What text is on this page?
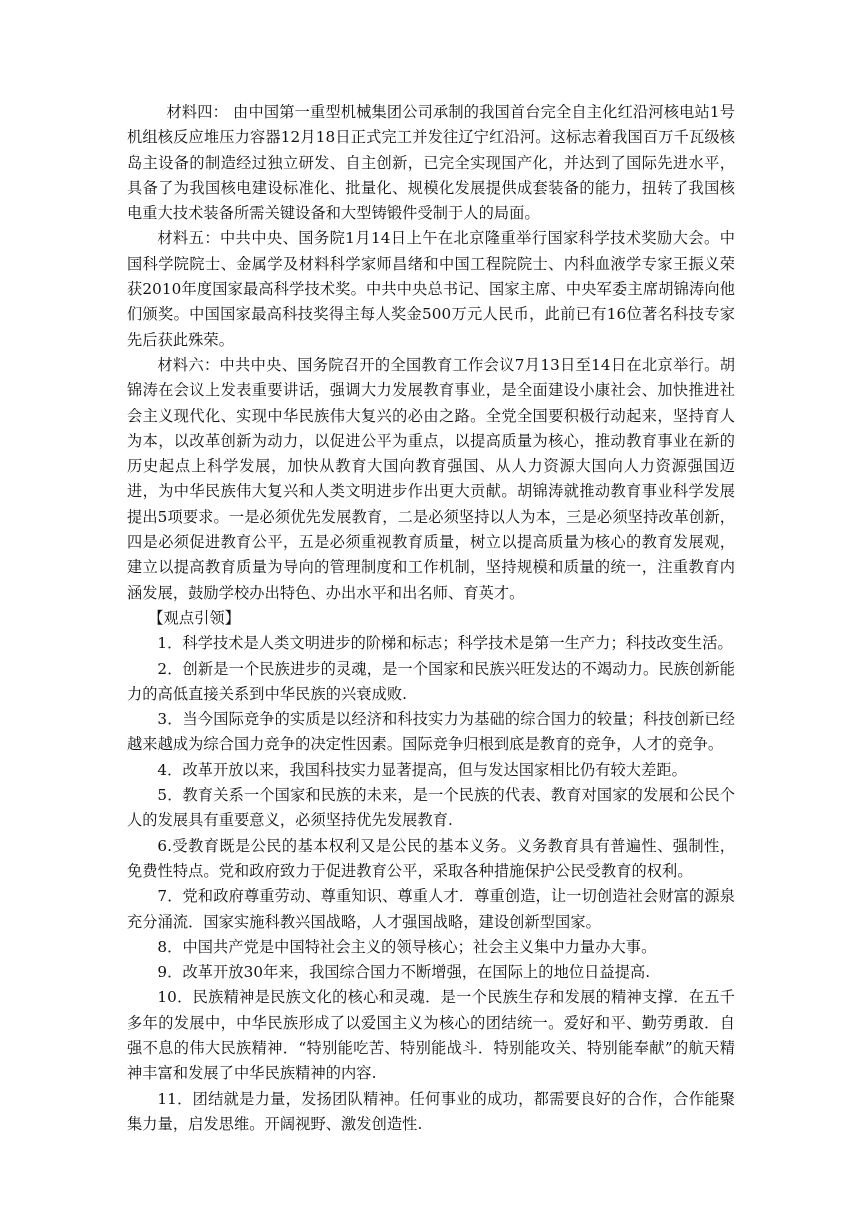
材料四： 由中国第一重型机械集团公司承制的我国首台完全自主化红沿河核电站1号机组核反应堆压力容器12月18日正式完工并发往辽宁红沿河。这标志着我国百万千瓦级核岛主设备的制造经过独立研发、自主创新，已完全实现国产化，并达到了国际先进水平，具备了为我国核电建设标准化、批量化、规模化发展提供成套装备的能力，扭转了我国核电重大技术装备所需关键设备和大型铸锻件受制于人的局面。

材料五：中共中央、国务院1月14日上午在北京隆重举行国家科学技术奖励大会。中国科学院院士、金属学及材料科学家师昌绪和中国工程院院士、内科血液学专家王振义荣获2010年度国家最高科学技术奖。中共中央总书记、国家主席、中央军委主席胡锦涛向他们颁奖。中国国家最高科技奖得主每人奖金500万元人民币，此前已有16位著名科技专家先后获此殊荣。

材料六：中共中央、国务院召开的全国教育工作会议7月13日至14日在北京举行。胡锦涛在会议上发表重要讲话，强调大力发展教育事业，是全面建设小康社会、加快推进社会主义现代化、实现中华民族伟大复兴的必由之路。全党全国要积极行动起来，坚持育人为本，以改革创新为动力，以促进公平为重点，以提高质量为核心，推动教育事业在新的历史起点上科学发展，加快从教育大国向教育强国、从人力资源大国向人力资源强国迈进，为中华民族伟大复兴和人类文明进步作出更大贡献。胡锦涛就推动教育事业科学发展提出5项要求。一是必须优先发展教育，二是必须坚持以人为本，三是必须坚持改革创新，四是必须促进教育公平，五是必须重视教育质量，树立以提高质量为核心的教育发展观，建立以提高教育质量为导向的管理制度和工作机制，坚持规模和质量的统一，注重教育内涵发展，鼓励学校办出特色、办出水平和出名师、育英才。

【观点引领】

1．科学技术是人类文明进步的阶梯和标志；科学技术是第一生产力；科技改变生活。

2．创新是一个民族进步的灵魂，是一个国家和民族兴旺发达的不竭动力。民族创新能力的高低直接关系到中华民族的兴衰成败.

3．当今国际竞争的实质是以经济和科技实力为基础的综合国力的较量；科技创新已经越来越成为综合国力竞争的决定性因素。国际竞争归根到底是教育的竞争，人才的竞争。

4．改革开放以来，我国科技实力显著提高，但与发达国家相比仍有较大差距。

5．教育关系一个国家和民族的未来，是一个民族的代表、教育对国家的发展和公民个人的发展具有重要意义，必须坚持优先发展教育.

6.受教育既是公民的基本权利又是公民的基本义务。义务教育具有普遍性、强制性，免费性特点。党和政府致力于促进教育公平，采取各种措施保护公民受教育的权利。

7．党和政府尊重劳动、尊重知识、尊重人才．尊重创造，让一切创造社会财富的源泉充分涌流．国家实施科教兴国战略，人才强国战略，建设创新型国家。

8．中国共产党是中国特社会主义的领导核心；社会主义集中力量办大事。

9．改革开放30年来，我国综合国力不断增强，在国际上的地位日益提高.

10．民族精神是民族文化的核心和灵魂．是一个民族生存和发展的精神支撑．在五千多年的发展中，中华民族形成了以爱国主义为核心的团结统一。爱好和平、勤劳勇敢．自强不息的伟大民族精神．“特别能吃苦、特别能战斗．特别能攻关、特别能奉献”的航天精神丰富和发展了中华民族精神的内容.

11．团结就是力量，发扬团队精神。任何事业的成功，都需要良好的合作，合作能聚集力量，启发思维。开阔视野、激发创造性.
